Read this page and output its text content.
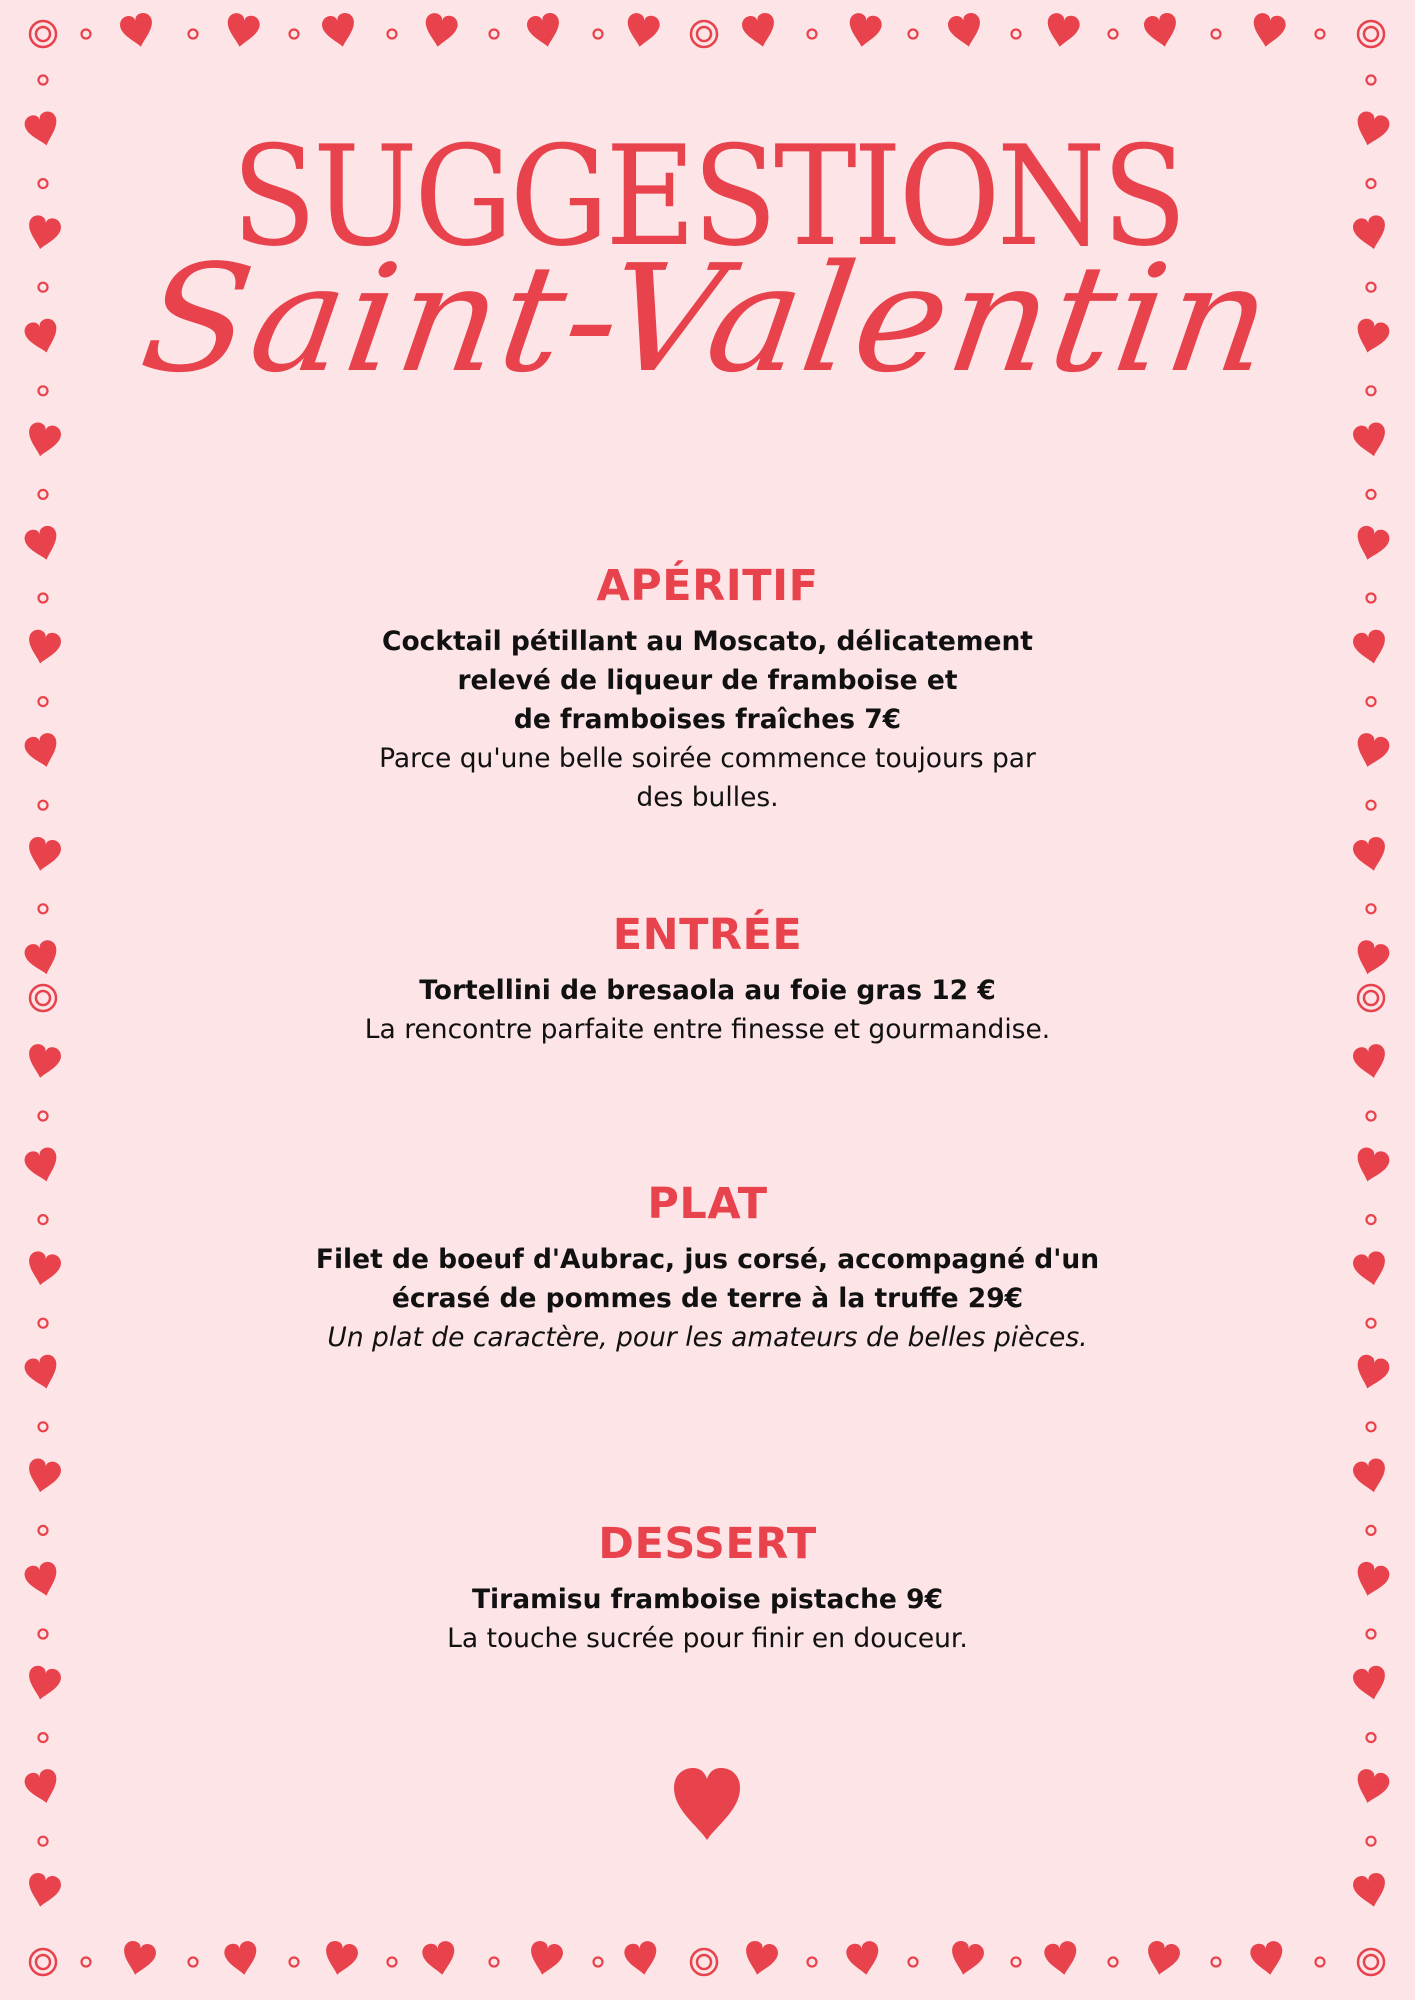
SUGGESTIONS
Saint-Valentin
APÉRITIF

Cocktail pétillant au Moscato, délicatement
relevé de liqueur de framboise et
de framboises fraîches 7€

Parce qu'une belle soirée commence toujours par
des bulles.

ENTRÉE

Tortellini de bresaola au foie gras 12 €

La rencontre parfaite entre finesse et gourmandise.

PLAT

Filet de boeuf d'Aubrac, jus corsé, accompagné d'un
écrasé de pommes de terre à la truffe 29€

Un plat de caractère, pour les amateurs de belles pièces.

DESSERT

Tiramisu framboise pistache 9€

La touche sucrée pour finir en douceur.
